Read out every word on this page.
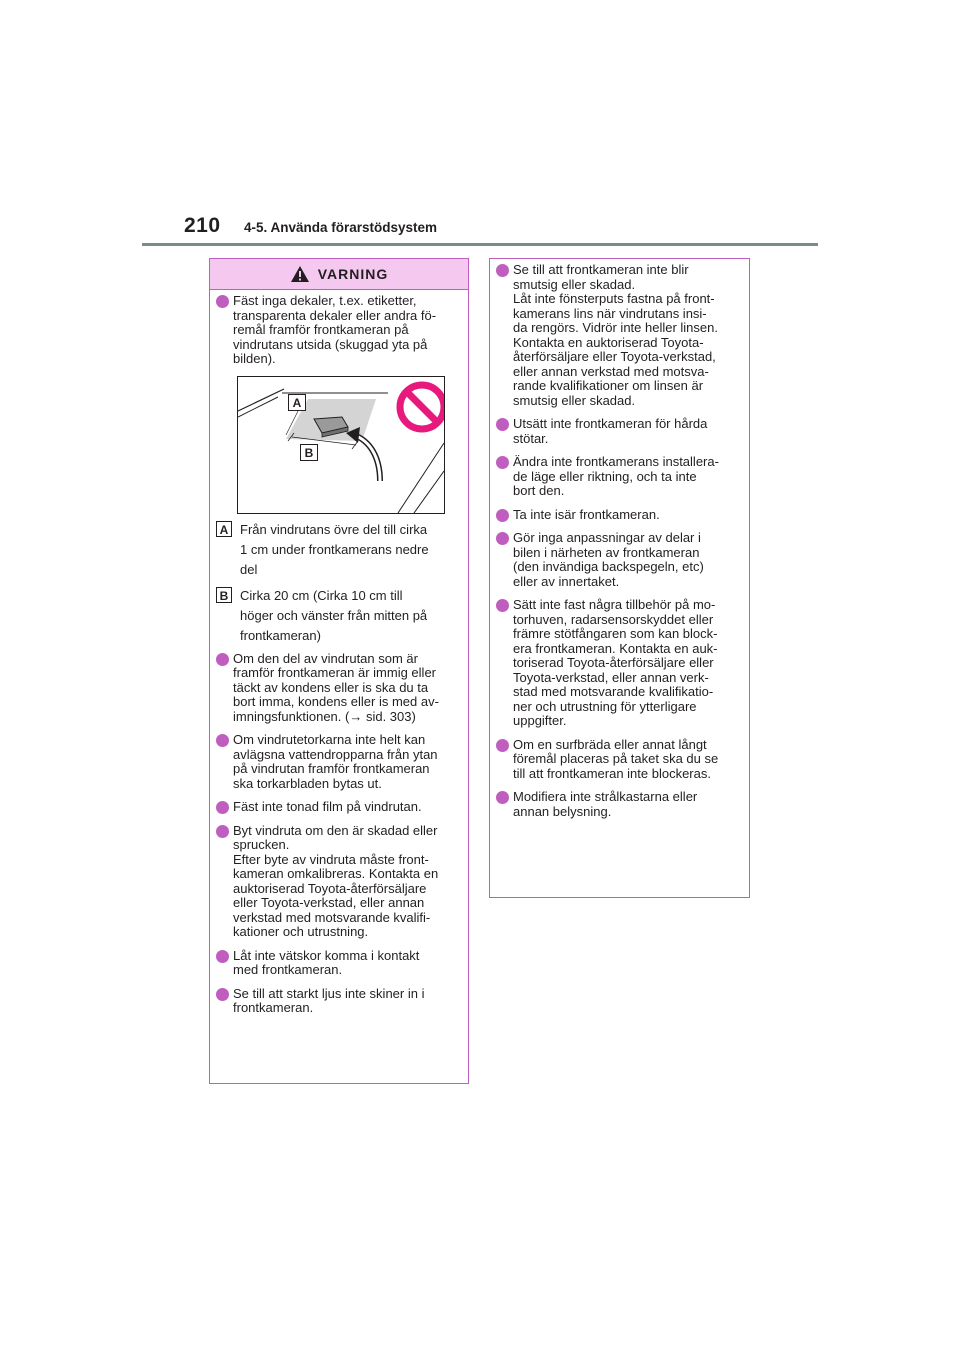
210 4-5. Använda förarstödsystem
VARNING
Fäst inga dekaler, t.ex. etiketter,
transparenta dekaler eller andra fö-
remål framför frontkameran på
vindrutans utsida (skuggad yta på
bilden).
A
B
A Från vindrutans övre del till cirka
1 cm under frontkamerans nedre
del
B Cirka 20 cm (Cirka 10 cm till
höger och vänster från mitten på
frontkameran)
Om den del av vindrutan som är
framför frontkameran är immig eller
täckt av kondens eller is ska du ta
bort imma, kondens eller is med av-
imningsfunktionen. (→ sid. 303)
Om vindrutetorkarna inte helt kan
avlägsna vattendropparna från ytan
på vindrutan framför frontkameran
ska torkarbladen bytas ut.
Fäst inte tonad film på vindrutan.
Byt vindruta om den är skadad eller
sprucken.
Efter byte av vindruta måste front-
kameran omkalibreras. Kontakta en
auktoriserad Toyota-återförsäljare
eller Toyota-verkstad, eller annan
verkstad med motsvarande kvalifi-
kationer och utrustning.
Låt inte vätskor komma i kontakt
med frontkameran.
Se till att starkt ljus inte skiner in i
frontkameran.
Se till att frontkameran inte blir
smutsig eller skadad.
Låt inte fönsterputs fastna på front-
kamerans lins när vindrutans insi-
da rengörs. Vidrör inte heller linsen.
Kontakta en auktoriserad Toyota-
återförsäljare eller Toyota-verkstad,
eller annan verkstad med motsva-
rande kvalifikationer om linsen är
smutsig eller skadad.
Utsätt inte frontkameran för hårda
stötar.
Ändra inte frontkamerans installera-
de läge eller riktning, och ta inte
bort den.
Ta inte isär frontkameran.
Gör inga anpassningar av delar i
bilen i närheten av frontkameran
(den invändiga backspegeln, etc)
eller av innertaket.
Sätt inte fast några tillbehör på mo-
torhuven, radarsensorskyddet eller
främre stötfångaren som kan block-
era frontkameran. Kontakta en auk-
toriserad Toyota-återförsäljare eller
Toyota-verkstad, eller annan verk-
stad med motsvarande kvalifikatio-
ner och utrustning för ytterligare
uppgifter.
Om en surfbräda eller annat långt
föremål placeras på taket ska du se
till att frontkameran inte blockeras.
Modifiera inte strålkastarna eller
annan belysning.
